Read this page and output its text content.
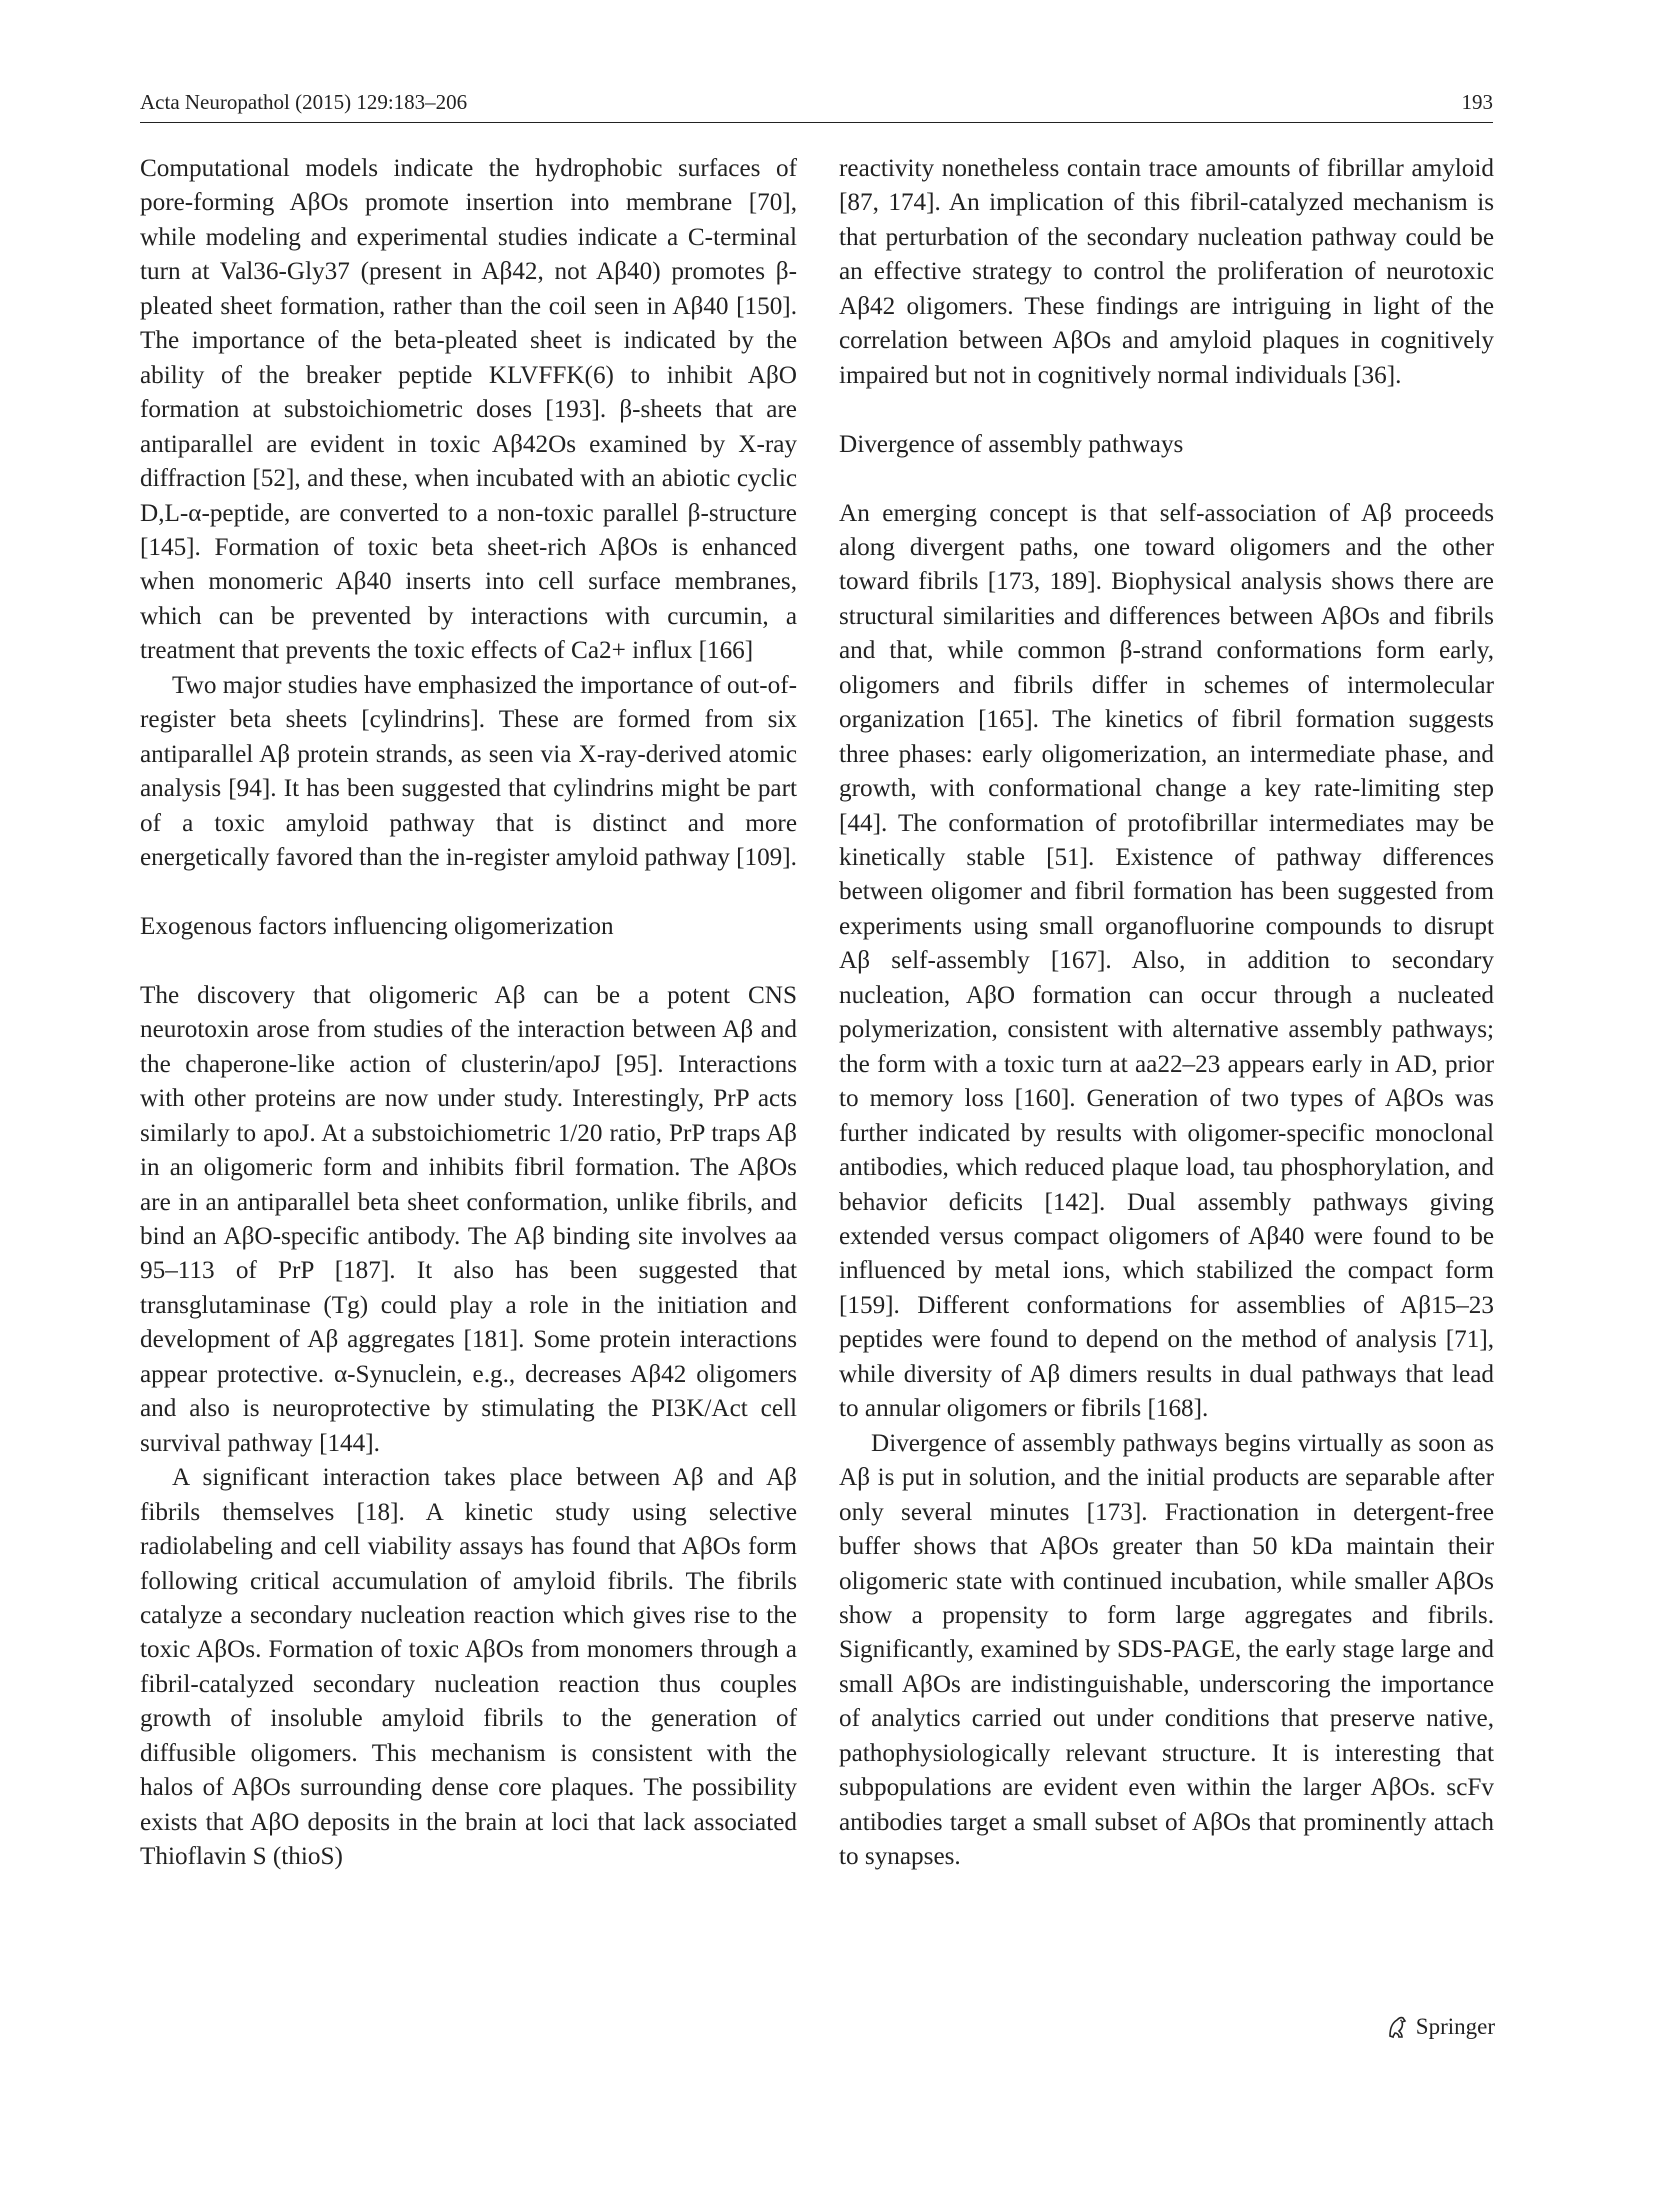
Acta Neuropathol (2015) 129:183–206	193

Computational models indicate the hydrophobic surfaces of pore-forming AβOs promote insertion into membrane [70], while modeling and experimental studies indicate a C-terminal turn at Val36-Gly37 (present in Aβ42, not Aβ40) promotes β-pleated sheet formation, rather than the coil seen in Aβ40 [150]. The importance of the beta-pleated sheet is indicated by the ability of the breaker peptide KLVFFK(6) to inhibit AβO formation at substoichiometric doses [193]. β-sheets that are antiparallel are evident in toxic Aβ42Os examined by X-ray diffraction [52], and these, when incubated with an abiotic cyclic D,L-α-peptide, are converted to a non-toxic parallel β-structure [145]. Formation of toxic beta sheet-rich AβOs is enhanced when monomeric Aβ40 inserts into cell surface membranes, which can be prevented by interactions with curcumin, a treatment that prevents the toxic effects of Ca2+ influx [166]

Two major studies have emphasized the importance of out-of-register beta sheets [cylindrins]. These are formed from six antiparallel Aβ protein strands, as seen via X-ray-derived atomic analysis [94]. It has been suggested that cylindrins might be part of a toxic amyloid pathway that is distinct and more energetically favored than the in-register amyloid pathway [109].

Exogenous factors influencing oligomerization

The discovery that oligomeric Aβ can be a potent CNS neurotoxin arose from studies of the interaction between Aβ and the chaperone-like action of clusterin/apoJ [95]. Interactions with other proteins are now under study. Interestingly, PrP acts similarly to apoJ. At a substoichiometric 1/20 ratio, PrP traps Aβ in an oligomeric form and inhibits fibril formation. The AβOs are in an antiparallel beta sheet conformation, unlike fibrils, and bind an AβO-specific antibody. The Aβ binding site involves aa 95–113 of PrP [187]. It also has been suggested that transglutaminase (Tg) could play a role in the initiation and development of Aβ aggregates [181]. Some protein interactions appear protective. α-Synuclein, e.g., decreases Aβ42 oligomers and also is neuroprotective by stimulating the PI3K/Act cell survival pathway [144].

A significant interaction takes place between Aβ and Aβ fibrils themselves [18]. A kinetic study using selective radiolabeling and cell viability assays has found that AβOs form following critical accumulation of amyloid fibrils. The fibrils catalyze a secondary nucleation reaction which gives rise to the toxic AβOs. Formation of toxic AβOs from monomers through a fibril-catalyzed secondary nucleation reaction thus couples growth of insoluble amyloid fibrils to the generation of diffusible oligomers. This mechanism is consistent with the halos of AβOs surrounding dense core plaques. The possibility exists that AβO deposits in the brain at loci that lack associated Thioflavin S (thioS)

reactivity nonetheless contain trace amounts of fibrillar amyloid [87, 174]. An implication of this fibril-catalyzed mechanism is that perturbation of the secondary nucleation pathway could be an effective strategy to control the proliferation of neurotoxic Aβ42 oligomers. These findings are intriguing in light of the correlation between AβOs and amyloid plaques in cognitively impaired but not in cognitively normal individuals [36].

Divergence of assembly pathways

An emerging concept is that self-association of Aβ proceeds along divergent paths, one toward oligomers and the other toward fibrils [173, 189]. Biophysical analysis shows there are structural similarities and differences between AβOs and fibrils and that, while common β-strand conformations form early, oligomers and fibrils differ in schemes of intermolecular organization [165]. The kinetics of fibril formation suggests three phases: early oligomerization, an intermediate phase, and growth, with conformational change a key rate-limiting step [44]. The conformation of protofibrillar intermediates may be kinetically stable [51]. Existence of pathway differences between oligomer and fibril formation has been suggested from experiments using small organofluorine compounds to disrupt Aβ self-assembly [167]. Also, in addition to secondary nucleation, AβO formation can occur through a nucleated polymerization, consistent with alternative assembly pathways; the form with a toxic turn at aa22–23 appears early in AD, prior to memory loss [160]. Generation of two types of AβOs was further indicated by results with oligomer-specific monoclonal antibodies, which reduced plaque load, tau phosphorylation, and behavior deficits [142]. Dual assembly pathways giving extended versus compact oligomers of Aβ40 were found to be influenced by metal ions, which stabilized the compact form [159]. Different conformations for assemblies of Aβ15–23 peptides were found to depend on the method of analysis [71], while diversity of Aβ dimers results in dual pathways that lead to annular oligomers or fibrils [168].

Divergence of assembly pathways begins virtually as soon as Aβ is put in solution, and the initial products are separable after only several minutes [173]. Fractionation in detergent-free buffer shows that AβOs greater than 50 kDa maintain their oligomeric state with continued incubation, while smaller AβOs show a propensity to form large aggregates and fibrils. Significantly, examined by SDS-PAGE, the early stage large and small AβOs are indistinguishable, underscoring the importance of analytics carried out under conditions that preserve native, pathophysiologically relevant structure. It is interesting that subpopulations are evident even within the larger AβOs. scFv antibodies target a small subset of AβOs that prominently attach to synapses.

Springer
